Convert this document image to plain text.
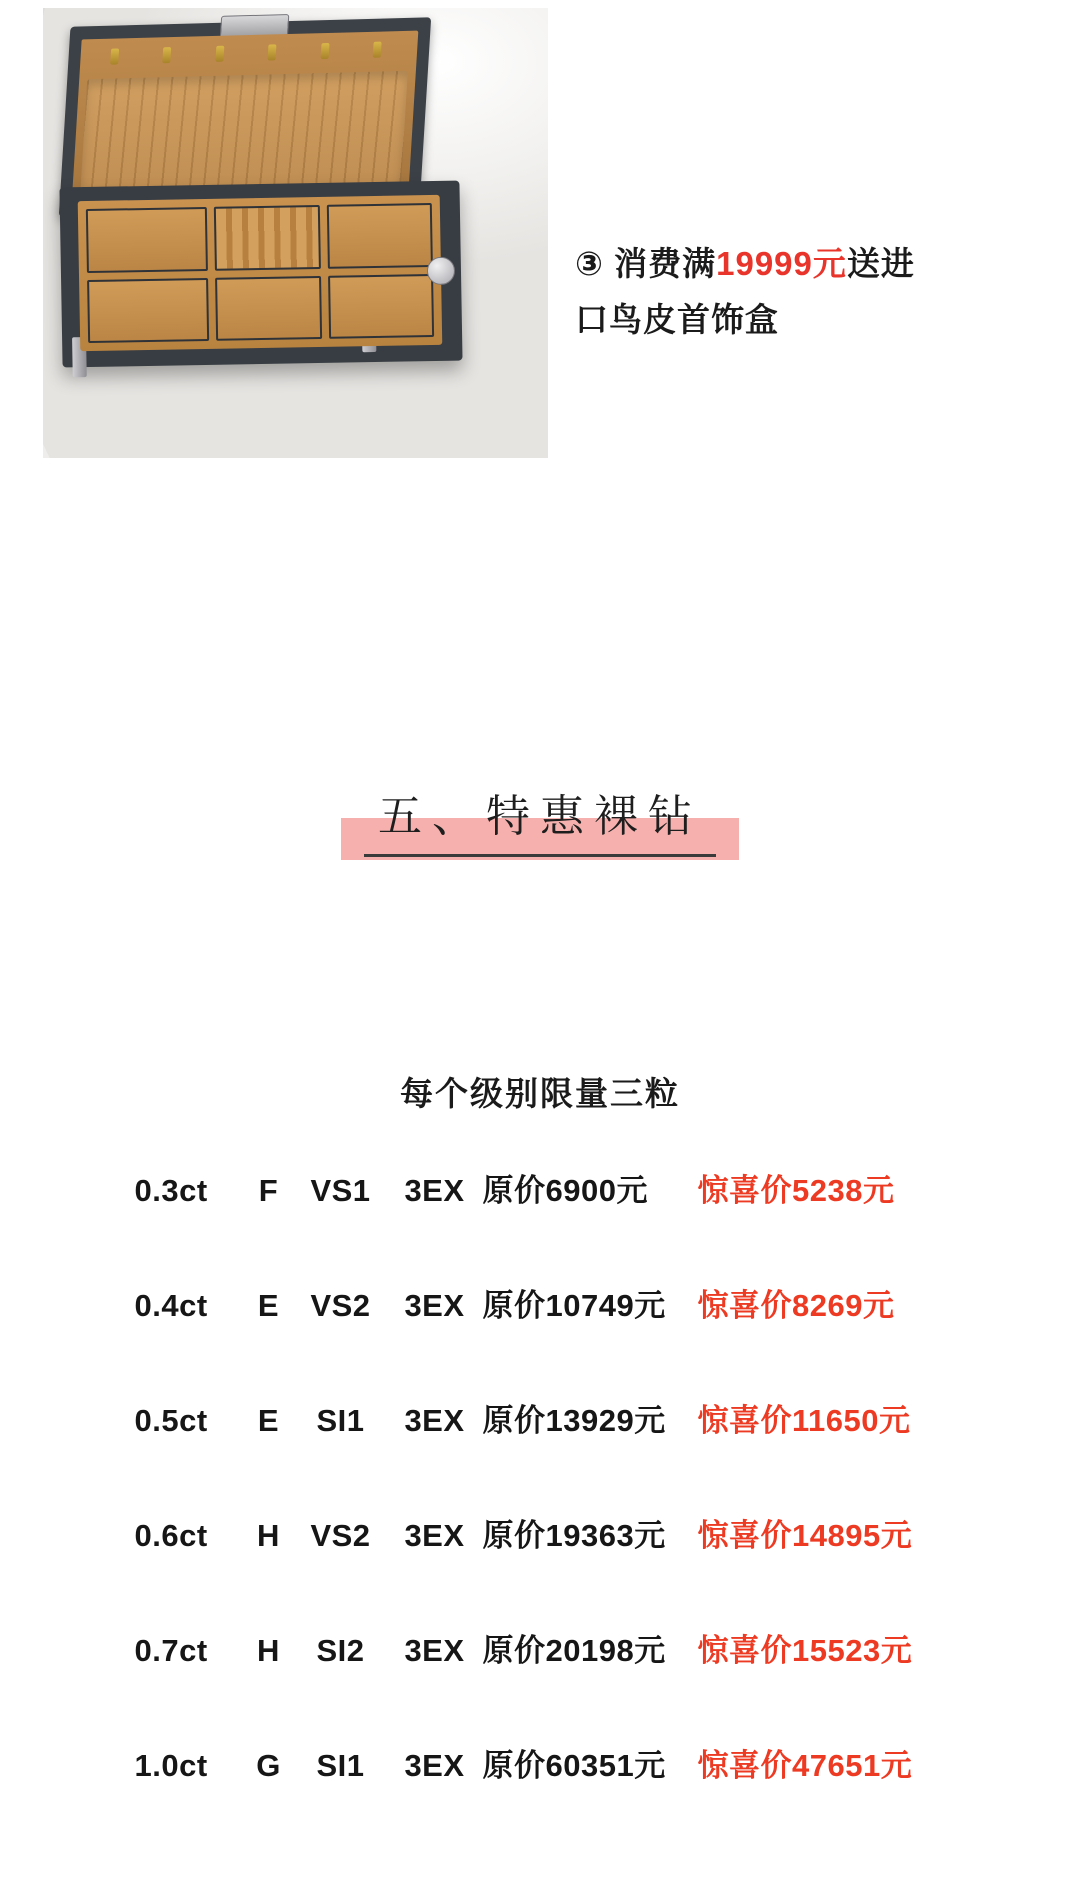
③ 消费满19999元送进
口鸟皮首饰盒
五、特惠裸钻
每个级别限量三粒
0.3ct	F	VS1	3EX 原价6900元	惊喜价5238元
0.4ct	E	VS2	3EX 原价10749元	惊喜价8269元
0.5ct	E	SI1	3EX 原价13929元	惊喜价11650元
0.6ct	H VS2	3EX 原价19363元	惊喜价14895元
0.7ct	H	SI2	3EX 原价20198元	惊喜价15523元
1.0ct	G	SI1	3EX 原价60351元	惊喜价47651元
